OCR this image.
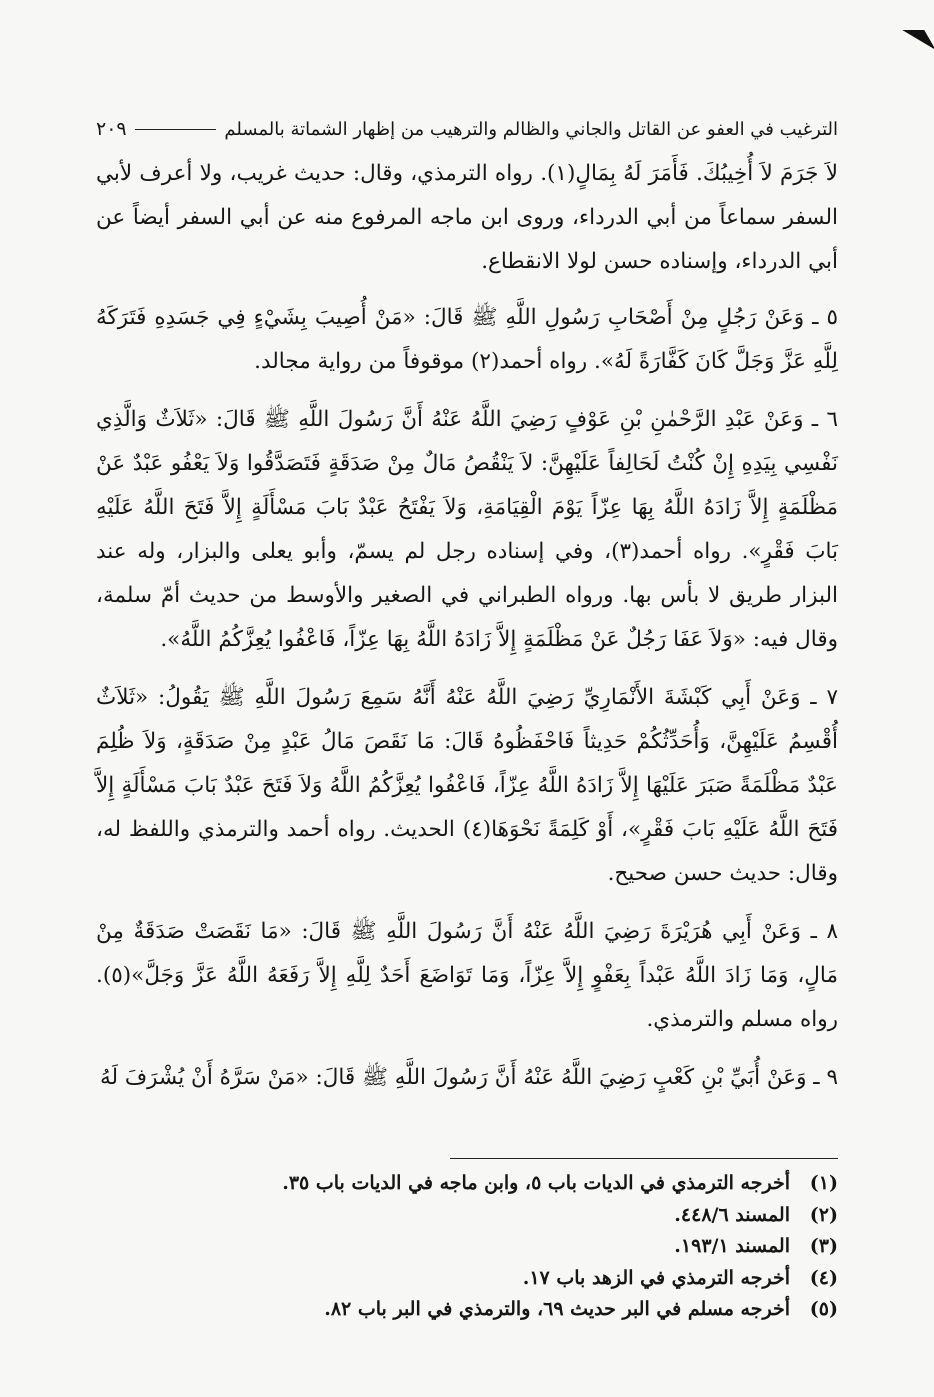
الترغيب في العفو عن القاتل والجاني والظالم والترهيب من إظهار الشماتة بالمسلم
٢٠٩

لاَ جَرَمَ لاَ أُخِيبُكَ. فَأَمَرَ لَهُ بِمَالٍ(١). رواه الترمذي، وقال: حديث غريب، ولا أعرف لأبي السفر سماعاً من أبي الدرداء، وروى ابن ماجه المرفوع منه عن أبي السفر أيضاً عن أبي الدرداء، وإسناده حسن لولا الانقطاع.

٥ ـ وَعَنْ رَجُلٍ مِنْ أَصْحَابِ رَسُولِ اللَّهِ ﷺ قَالَ: «مَنْ أُصِيبَ بِشَيْءٍ فِي جَسَدِهِ فَتَرَكَهُ لِلَّهِ عَزَّ وَجَلَّ كَانَ كَفَّارَةً لَهُ». رواه أحمد(٢) موقوفاً من رواية مجالد.

٦ ـ وَعَنْ عَبْدِ الرَّحْمٰنِ بْنِ عَوْفٍ رَضِيَ اللَّهُ عَنْهُ أَنَّ رَسُولَ اللَّهِ ﷺ قَالَ: «ثَلاَثٌ وَالَّذِي نَفْسِي بِيَدِهِ إِنْ كُنْتُ لَحَالِفاً عَلَيْهِنَّ: لاَ يَنْقُصُ مَالٌ مِنْ صَدَقَةٍ فَتَصَدَّقُوا وَلاَ يَعْفُو عَبْدٌ عَنْ مَظْلَمَةٍ إِلاَّ زَادَهُ اللَّهُ بِهَا عِزّاً يَوْمَ الْقِيَامَةِ، وَلاَ يَفْتَحُ عَبْدٌ بَابَ مَسْأَلَةٍ إِلاَّ فَتَحَ اللَّهُ عَلَيْهِ بَابَ فَقْرٍ». رواه أحمد(٣)، وفي إسناده رجل لم يسمّ، وأبو يعلى والبزار، وله عند البزار طريق لا بأس بها. ورواه الطبراني في الصغير والأوسط من حديث أمّ سلمة، وقال فيه: «وَلاَ عَفَا رَجُلٌ عَنْ مَظْلَمَةٍ إِلاَّ زَادَهُ اللَّهُ بِهَا عِزّاً، فَاعْفُوا يُعِزَّكُمُ اللَّهُ».

٧ ـ وَعَنْ أَبِي كَبْشَةَ الأَنْمَارِيِّ رَضِيَ اللَّهُ عَنْهُ أَنَّهُ سَمِعَ رَسُولَ اللَّهِ ﷺ يَقُولُ: «ثَلاَثٌ أُقْسِمُ عَلَيْهِنَّ، وَأُحَدِّثُكُمْ حَدِيثاً فَاحْفَظُوهُ قَالَ: مَا نَقَصَ مَالُ عَبْدٍ مِنْ صَدَقَةٍ، وَلاَ ظُلِمَ عَبْدٌ مَظْلَمَةً صَبَرَ عَلَيْهَا إِلاَّ زَادَهُ اللَّهُ عِزّاً، فَاعْفُوا يُعِزَّكُمُ اللَّهُ وَلاَ فَتَحَ عَبْدٌ بَابَ مَسْأَلَةٍ إِلاَّ فَتَحَ اللَّهُ عَلَيْهِ بَابَ فَقْرٍ»، أَوْ كَلِمَةً نَحْوَهَا(٤) الحديث. رواه أحمد والترمذي واللفظ له، وقال: حديث حسن صحيح.

٨ ـ وَعَنْ أَبِي هُرَيْرَةَ رَضِيَ اللَّهُ عَنْهُ أَنَّ رَسُولَ اللَّهِ ﷺ قَالَ: «مَا نَقَصَتْ صَدَقَةٌ مِنْ مَالٍ، وَمَا زَادَ اللَّهُ عَبْداً بِعَفْوٍ إِلاَّ عِزّاً، وَمَا تَوَاضَعَ أَحَدٌ لِلَّهِ إِلاَّ رَفَعَهُ اللَّهُ عَزَّ وَجَلَّ»(٥). رواه مسلم والترمذي.

٩ ـ وَعَنْ أُبَيِّ بْنِ كَعْبٍ رَضِيَ اللَّهُ عَنْهُ أَنَّ رَسُولَ اللَّهِ ﷺ قَالَ: «مَنْ سَرَّهُ أَنْ يُشْرَفَ لَهُ

(١)
أخرجه الترمذي في الديات باب ٥، وابن ماجه في الديات باب ٣٥.
(٢)
المسند ٤٤٨/٦.
(٣)
المسند ١٩٣/١.
(٤)
أخرجه الترمذي في الزهد باب ١٧.
(٥)
أخرجه مسلم في البر حديث ٦٩، والترمذي في البر باب ٨٢.
